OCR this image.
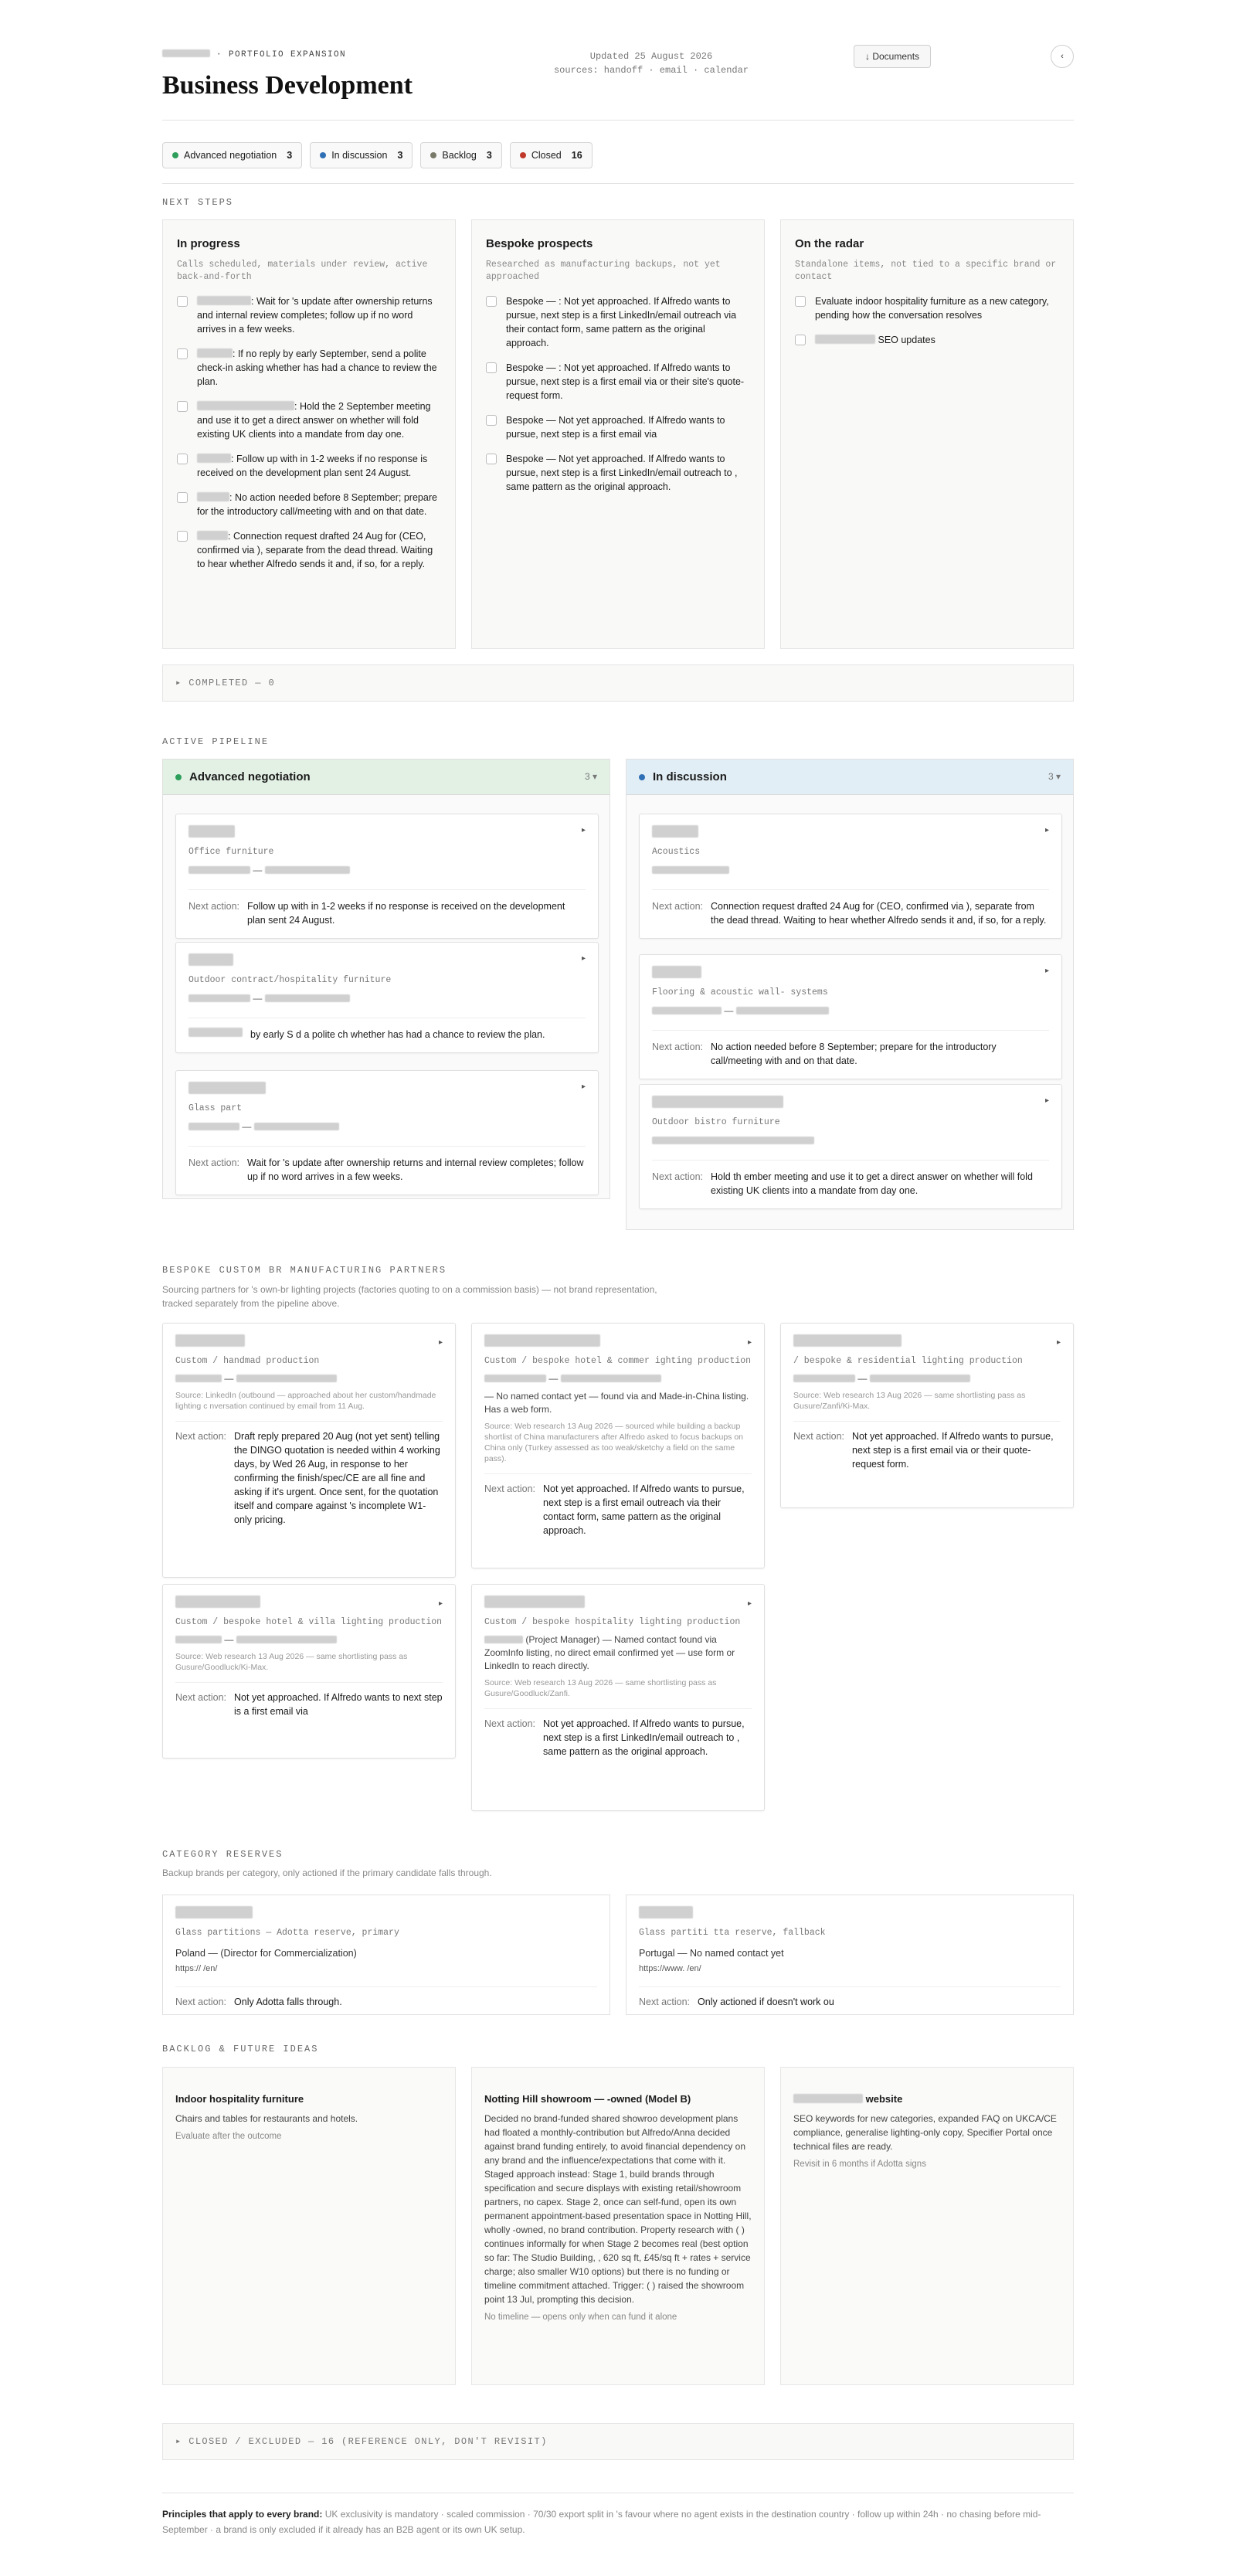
· PORTFOLIO EXPANSION
Business Development
Updated 25 August 2026
sources: handoff · email · calendar
↓ Documents	‹
Advanced negotiation 3	In discussion 3	Backlog 3	Closed 16
NEXT STEPS
In progress
Calls scheduled, materials under review, active back-and-forth
: Wait for 's update after ownership returns and internal review completes; follow up if no word arrives in a few weeks.
: If no reply by early September, send a polite check-in asking whether has had a chance to review the plan.
: Hold the 2 September meeting and use it to get a direct answer on whether will fold existing UK clients into a mandate from day one.
: Follow up with in 1-2 weeks if no response is received on the development plan sent 24 August.
: No action needed before 8 September; prepare for the introductory call/meeting with and on that date.
: Connection request drafted 24 Aug for (CEO, confirmed via ), separate from the dead thread. Waiting to hear whether Alfredo sends it and, if so, for a reply.
Bespoke prospects
Researched as manufacturing backups, not yet approached
Bespoke — : Not yet approached. If Alfredo wants to pursue, next step is a first LinkedIn/email outreach via their contact form, same pattern as the original approach.
Bespoke — : Not yet approached. If Alfredo wants to pursue, next step is a first email via or their site's quote-request form.
Bespoke — Not yet approached. If Alfredo wants to pursue, next step is a first email via
Bespoke — Not yet approached. If Alfredo wants to pursue, next step is a first LinkedIn/email outreach to , same pattern as the original approach.
On the radar
Standalone items, not tied to a specific brand or contact
Evaluate indoor hospitality furniture as a new category, pending how the conversation resolves
SEO updates
▸ COMPLETED — 0
ACTIVE PIPELINE
Advanced negotiation	3 ▾
▸
Office furniture
—
Next action: Follow up with in 1-2 weeks if no response is received on the development plan sent 24 August.
▸
Outdoor contract/hospitality furniture
—
by early S d a polite ch whether has had a chance to review the plan.
▸
Glass part
—
Next action: Wait for 's update after ownership returns and internal review completes; follow up if no word arrives in a few weeks.
In discussion	3 ▾
▸
Acoustics
Next action: Connection request drafted 24 Aug for (CEO, confirmed via ), separate from the dead thread. Waiting to hear whether Alfredo sends it and, if so, for a reply.
▸
Flooring & acoustic wall- systems
—
Next action: No action needed before 8 September; prepare for the introductory call/meeting with and on that date.
▸
Outdoor bistro furniture
Next action: Hold th ember meeting and use it to get a direct answer on whether will fold existing UK clients into a mandate from day one.
BESPOKE CUSTOM BR MANUFACTURING PARTNERS
Sourcing partners for 's own-br lighting projects (factories quoting to on a commission basis) — not brand representation, tracked separately from the pipeline above.
▸
Custom / handmad production
—
Source: LinkedIn (outbound — approached about her custom/handmade lighting c nversation continued by email from 11 Aug.
Next action: Draft reply prepared 20 Aug (not yet sent) telling the DINGO quotation is needed within 4 working days, by Wed 26 Aug, in response to her confirming the finish/spec/CE are all fine and asking if it's urgent. Once sent, for the quotation itself and compare against 's incomplete W1-only pricing.
▸
Custom / bespoke hotel & commer ighting production
—
— No named contact yet — found via and Made-in-China listing. Has a web form.
Source: Web research 13 Aug 2026 — sourced while building a backup shortlist of China manufacturers after Alfredo asked to focus backups on China only (Turkey assessed as too weak/sketchy a field on the same pass).
Next action: Not yet approached. If Alfredo wants to pursue, next step is a first email outreach via their contact form, same pattern as the original approach.
▸
/ bespoke & residential lighting production
—
Source: Web research 13 Aug 2026 — same shortlisting pass as Gusure/Zanfi/Ki-Max.
Next action: Not yet approached. If Alfredo wants to pursue, next step is a first email via or their quote-request form.
▸
Custom / bespoke hotel & villa lighting production
—
Source: Web research 13 Aug 2026 — same shortlisting pass as Gusure/Goodluck/Ki-Max.
Next action: Not yet approached. If Alfredo wants to next step is a first email via
▸
Custom / bespoke hospitality lighting production
(Project Manager) — Named contact found via ZoomInfo listing, no direct email confirmed yet — use form or LinkedIn to reach directly.
Source: Web research 13 Aug 2026 — same shortlisting pass as Gusure/Goodluck/Zanfi.
Next action: Not yet approached. If Alfredo wants to pursue, next step is a first LinkedIn/email outreach to , same pattern as the original approach.
CATEGORY RESERVES
Backup brands per category, only actioned if the primary candidate falls through.
Glass partitions — Adotta reserve, primary
Poland — (Director for Commercialization)
https:// /en/
Next action: Only Adotta falls through.
Glass partiti tta reserve, fallback
Portugal — No named contact yet
https://www. /en/
Next action: Only actioned if doesn't work ou
BACKLOG & FUTURE IDEAS
Indoor hospitality furniture

Chairs and tables for restaurants and hotels.

Evaluate after the outcome
Notting Hill showroom — -owned (Model B)

Decided no brand-funded shared showroo development plans had floated a monthly-contribution but Alfredo/Anna decided against brand funding entirely, to avoid financial dependency on any brand and the influence/expectations that come with it. Staged approach instead: Stage 1, build brands through specification and secure displays with existing retail/showroom partners, no capex. Stage 2, once can self-fund, open its own permanent appointment-based presentation space in Notting Hill, wholly -owned, no brand contribution. Property research with ( ) continues informally for when Stage 2 becomes real (best option so far: The Studio Building, , 620 sq ft, £45/sq ft + rates + service charge; also smaller W10 options) but there is no funding or timeline commitment attached. Trigger: ( ) raised the showroom point 13 Jul, prompting this decision.

No timeline — opens only when can fund it alone
website

SEO keywords for new categories, expanded FAQ on UKCA/CE compliance, generalise lighting-only copy, Specifier Portal once technical files are ready.

Revisit in 6 months if Adotta signs
▸ CLOSED / EXCLUDED — 16 (REFERENCE ONLY, DON'T REVISIT)
Principles that apply to every brand: UK exclusivity is mandatory · scaled commission · 70/30 export split in 's favour where no agent exists in the destination country · follow up within 24h · no chasing before mid-September · a brand is only excluded if it already has an B2B agent or its own UK setup.
